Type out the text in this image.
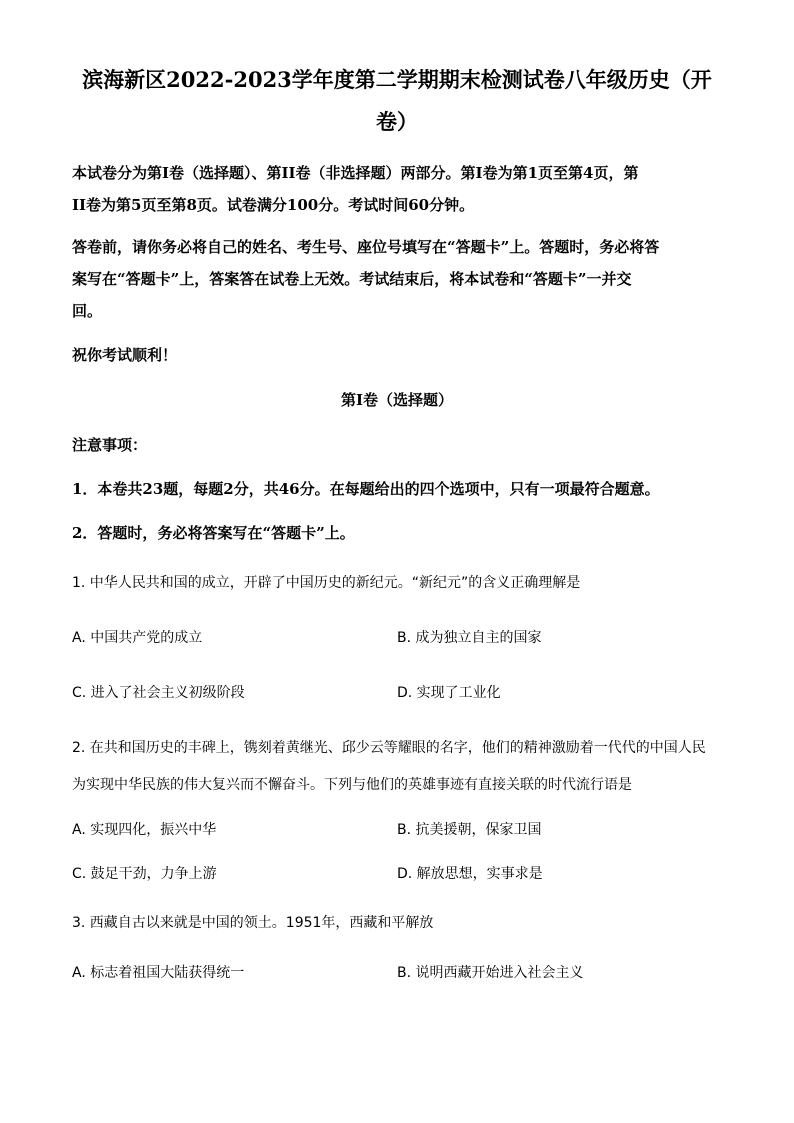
滨海新区2022-2023学年度第二学期期末检测试卷八年级历史（开
卷）
本试卷分为第Ⅰ卷（选择题）、第II卷（非选择题）两部分。第Ⅰ卷为第1页至第4页，第
II卷为第5页至第8页。试卷满分100分。考试时间60分钟。
答卷前，请你务必将自己的姓名、考生号、座位号填写在“答题卡”上。答题时，务必将答
案写在“答题卡”上，答案答在试卷上无效。考试结束后，将本试卷和“答题卡”一并交
回。
祝你考试顺利！
第Ⅰ卷（选择题）
注意事项：
1．本卷共23题，每题2分，共46分。在每题给出的四个选项中，只有一项最符合题意。
2．答题时，务必将答案写在“答题卡”上。
1. 中华人民共和国的成立，开辟了中国历史的新纪元。“新纪元”的含义正确理解是
A. 中国共产党的成立	B. 成为独立自主的国家
C. 进入了社会主义初级阶段	D. 实现了工业化
2. 在共和国历史的丰碑上，镌刻着黄继光、邱少云等耀眼的名字，他们的精神激励着一代代的中国人民
为实现中华民族的伟大复兴而不懈奋斗。下列与他们的英雄事迹有直接关联的时代流行语是
A. 实现四化，振兴中华	B. 抗美援朝，保家卫国
C. 鼓足干劲，力争上游	D. 解放思想，实事求是
3. 西藏自古以来就是中国的领土。1951年，西藏和平解放
A. 标志着祖国大陆获得统一	B. 说明西藏开始进入社会主义
